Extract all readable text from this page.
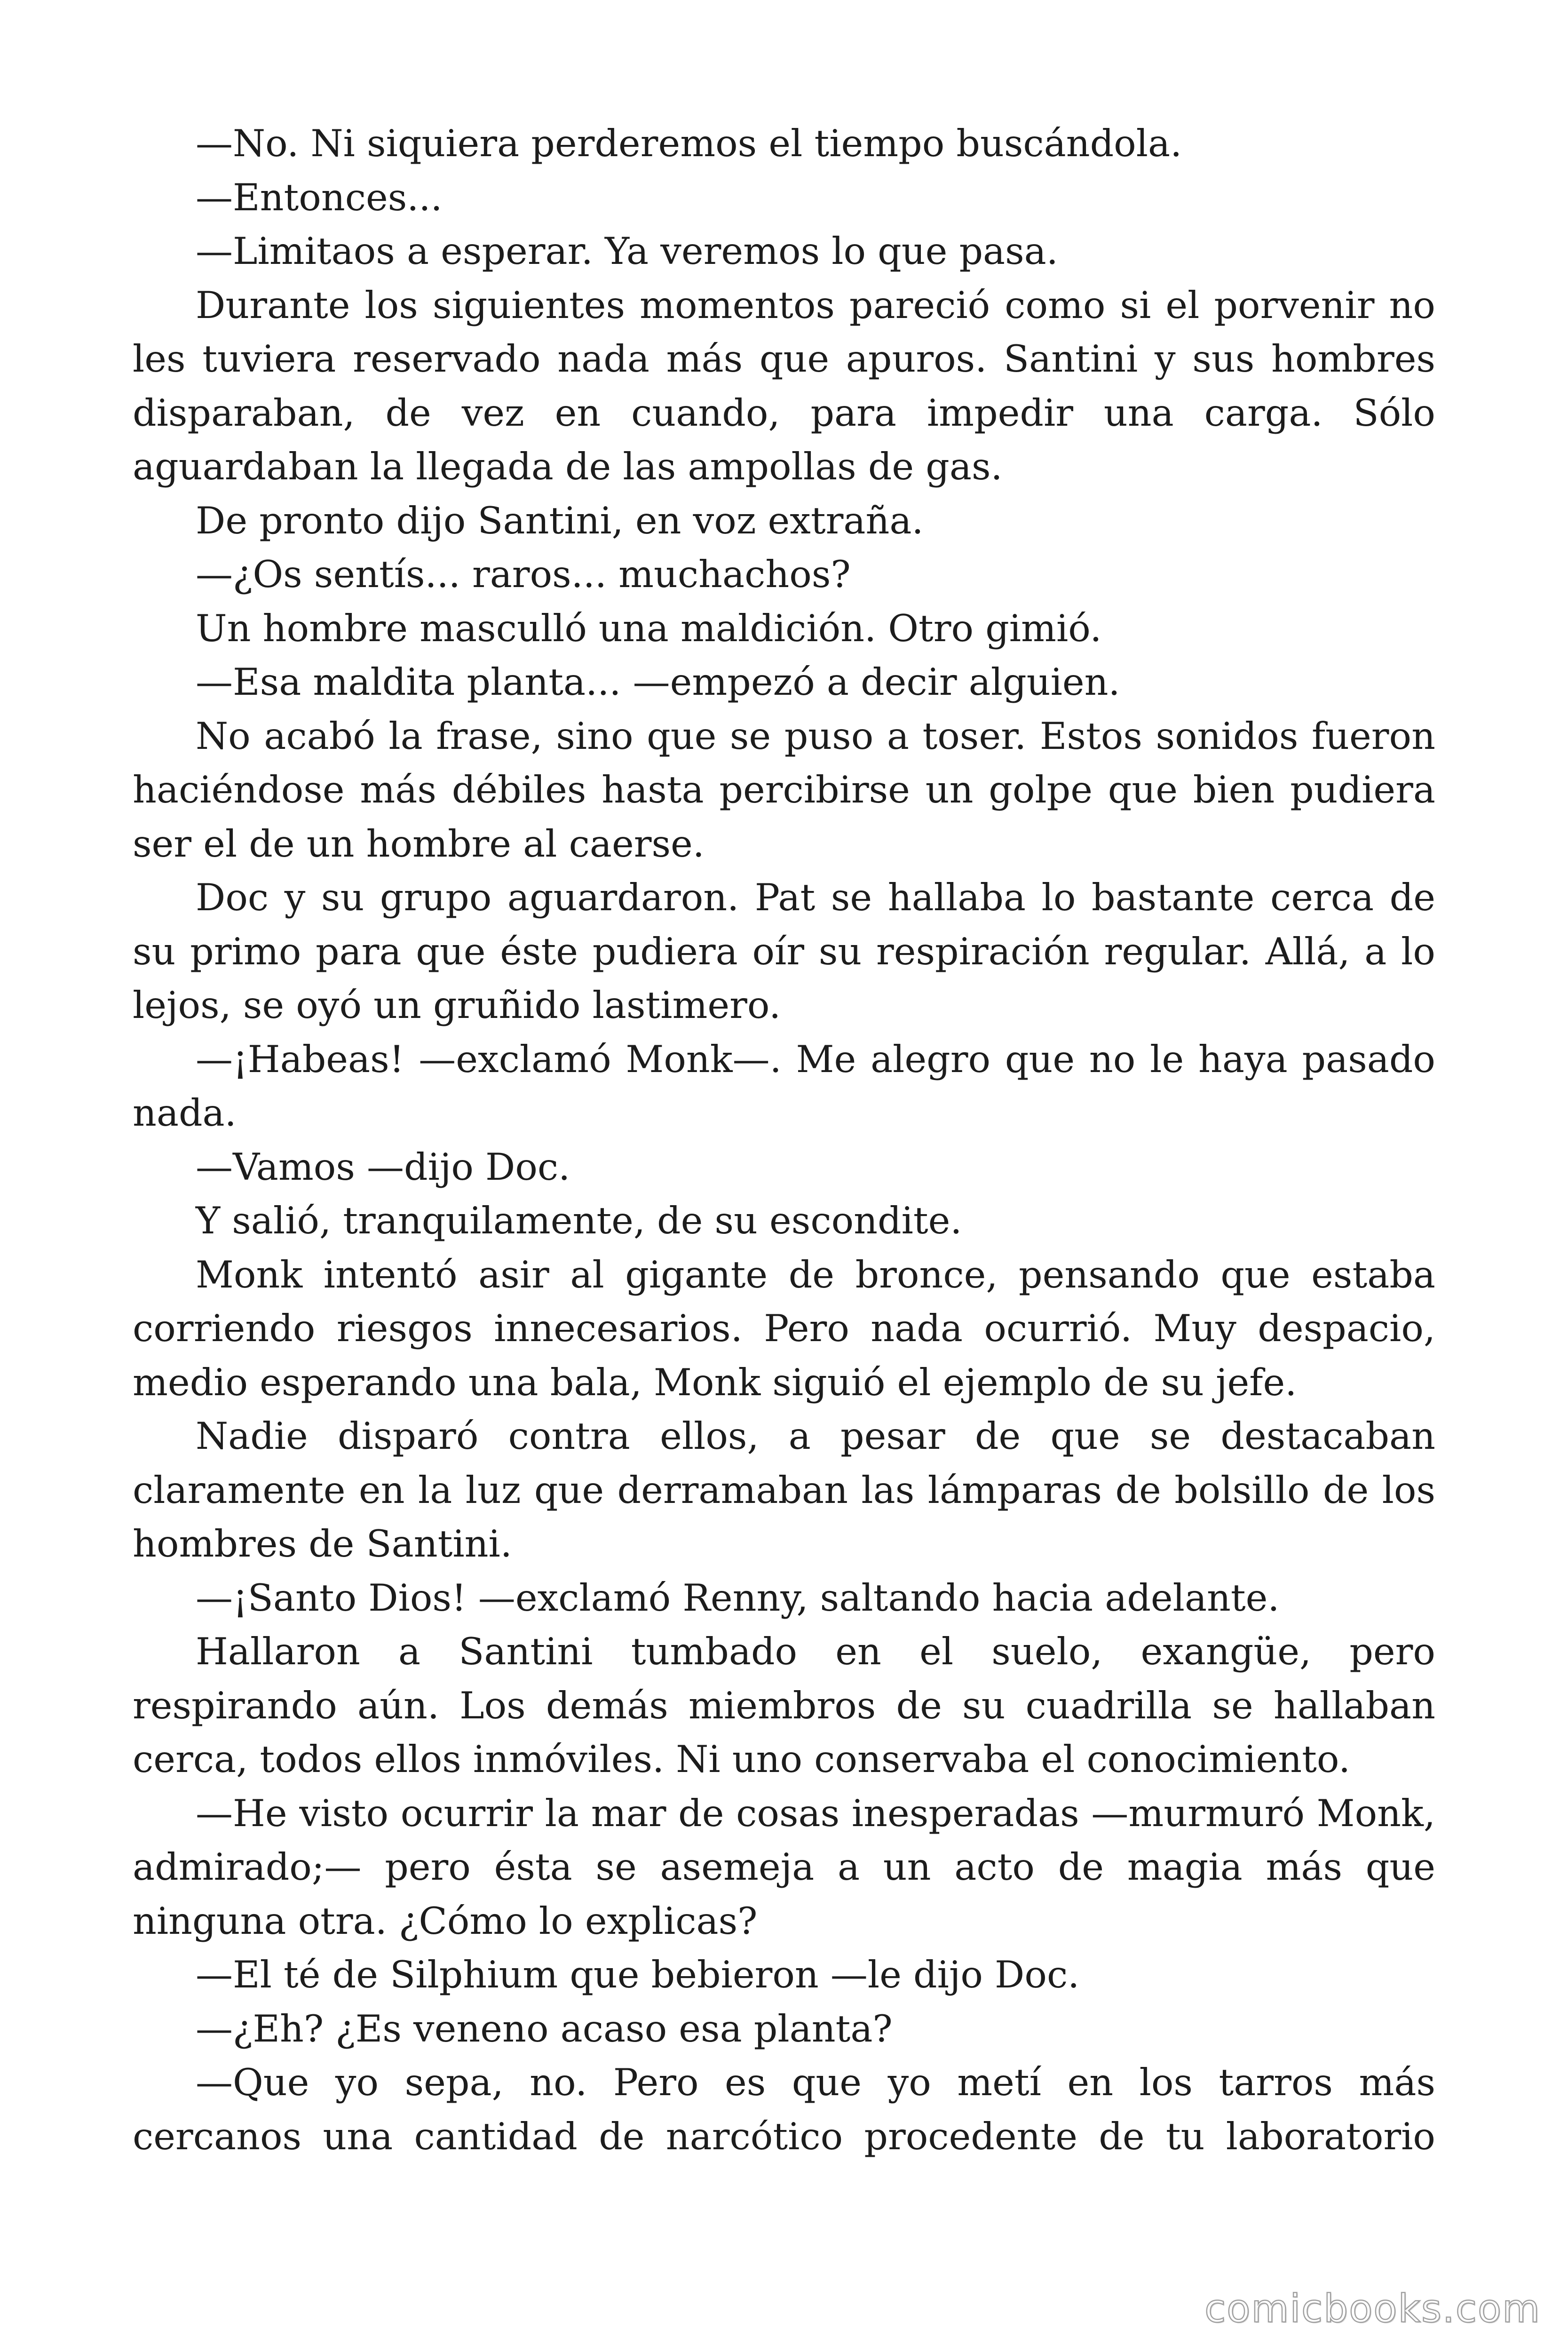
—No. Ni siquiera perderemos el tiempo buscándola.

—Entonces...

—Limitaos a esperar. Ya veremos lo que pasa.

Durante los siguientes momentos pareció como si el porvenir no les tuviera reservado nada más que apuros. Santini y sus hombres disparaban, de vez en cuando, para impedir una carga. Sólo aguardaban la llegada de las ampollas de gas.

De pronto dijo Santini, en voz extraña.

—¿Os sentís... raros... muchachos?

Un hombre masculló una maldición. Otro gimió.

—Esa maldita planta... —empezó a decir alguien.

No acabó la frase, sino que se puso a toser. Estos sonidos fueron haciéndose más débiles hasta percibirse un golpe que bien pudiera ser el de un hombre al caerse.

Doc y su grupo aguardaron. Pat se hallaba lo bastante cerca de su primo para que éste pudiera oír su respiración regular. Allá, a lo lejos, se oyó un gruñido lastimero.

—¡Habeas! —exclamó Monk—. Me alegro que no le haya pasado nada.

—Vamos —dijo Doc.

Y salió, tranquilamente, de su escondite.

Monk intentó asir al gigante de bronce, pensando que estaba corriendo riesgos innecesarios. Pero nada ocurrió. Muy despacio, medio esperando una bala, Monk siguió el ejemplo de su jefe.

Nadie disparó contra ellos, a pesar de que se destacaban claramente en la luz que derramaban las lámparas de bolsillo de los hombres de Santini.

—¡Santo Dios! —exclamó Renny, saltando hacia adelante.

Hallaron a Santini tumbado en el suelo, exangüe, pero respirando aún. Los demás miembros de su cuadrilla se hallaban cerca, todos ellos inmóviles. Ni uno conservaba el conocimiento.

—He visto ocurrir la mar de cosas inesperadas —murmuró Monk, admirado;— pero ésta se asemeja a un acto de magia más que ninguna otra. ¿Cómo lo explicas?

—El té de Silphium que bebieron —le dijo Doc.

—¿Eh? ¿Es veneno acaso esa planta?

—Que yo sepa, no. Pero es que yo metí en los tarros más cercanos una cantidad de narcótico procedente de tu laboratorio

comicbooks.com
